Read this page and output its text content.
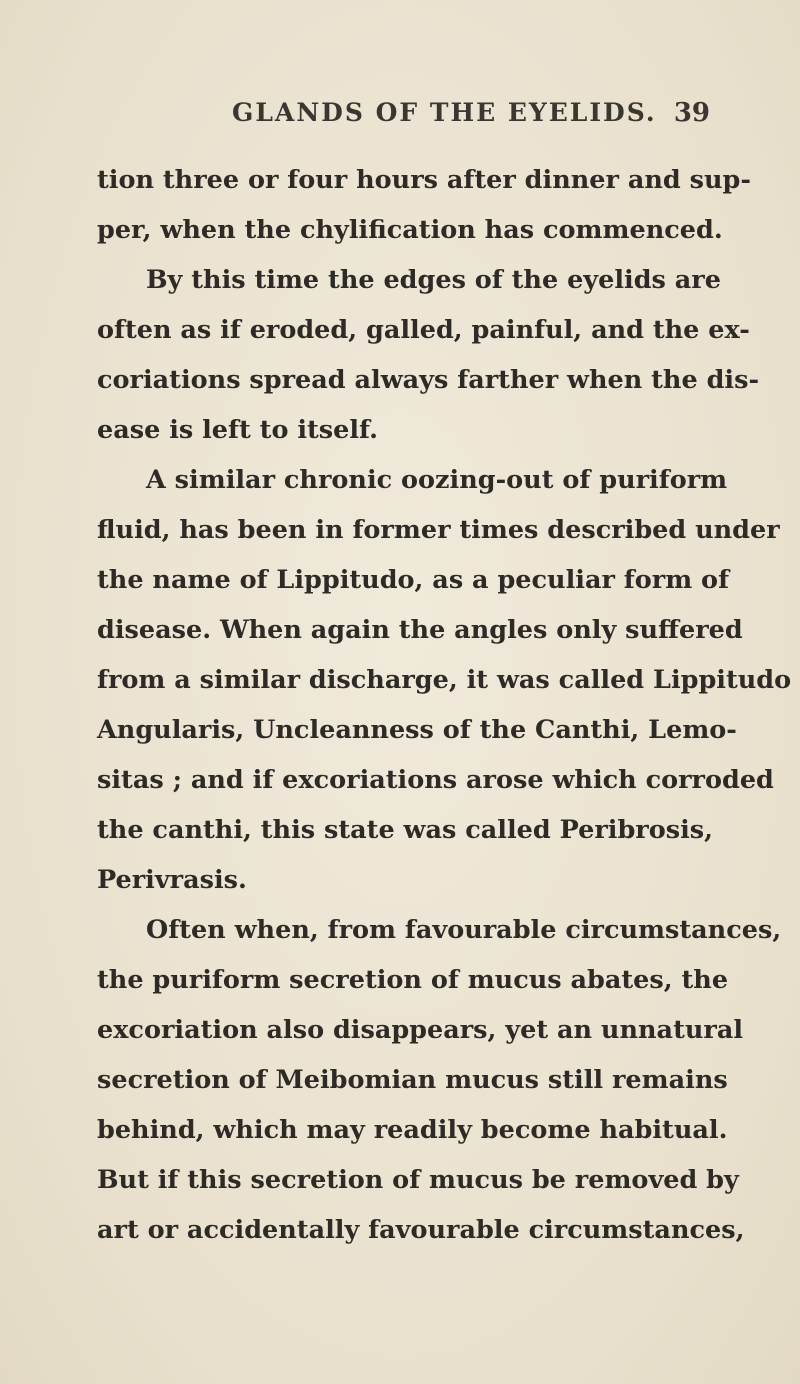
GLANDS OF THE EYELIDS. 39
tion three or four hours after dinner and sup-
per, when the chylification has commenced.
By this time the edges of the eyelids are
often as if eroded, galled, painful, and the ex-
coriations spread always farther when the dis-
ease is left to itself.
A similar chronic oozing-out of puriform
fluid, has been in former times described under
the name of Lippitudo, as a peculiar form of
disease. When again the angles only suffered
from a similar discharge, it was called Lippitudo
Angularis, Uncleanness of the Canthi, Lemo-
sitas ; and if excoriations arose which corroded
the canthi, this state was called Peribrosis,
Perivrasis.
Often when, from favourable circumstances,
the puriform secretion of mucus abates, the
excoriation also disappears, yet an unnatural
secretion of Meibomian mucus still remains
behind, which may readily become habitual.
But if this secretion of mucus be removed by
art or accidentally favourable circumstances,
